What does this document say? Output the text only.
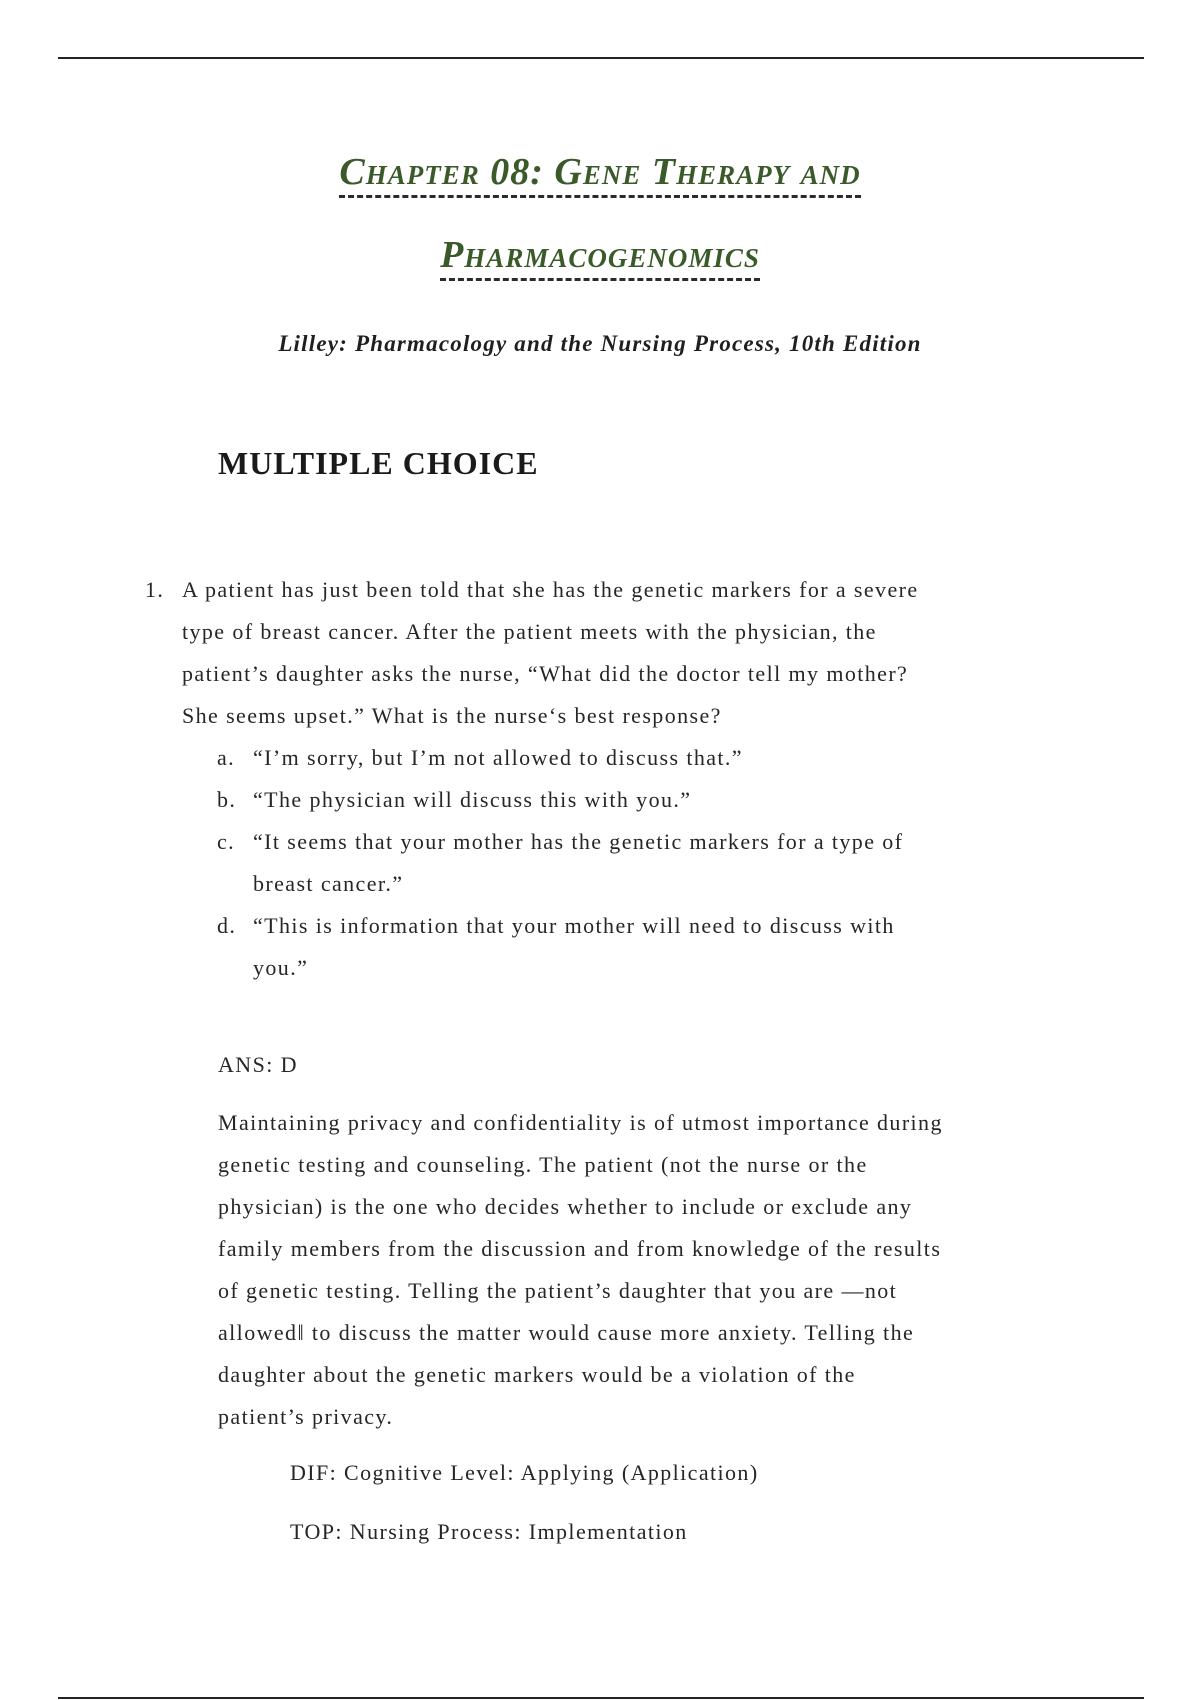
Chapter 08: Gene Therapy and
Pharmacogenomics
Lilley: Pharmacology and the Nursing Process, 10th Edition
MULTIPLE CHOICE
1. A patient has just been told that she has the genetic markers for a severe
type of breast cancer. After the patient meets with the physician, the
patient’s daughter asks the nurse, “What did the doctor tell my mother?
She seems upset.” What is the nurse‘s best response?
a. “I’m sorry, but I’m not allowed to discuss that.”
b. “The physician will discuss this with you.”
c. “It seems that your mother has the genetic markers for a type of
breast cancer.”
d. “This is information that your mother will need to discuss with
you.”
ANS: D
Maintaining privacy and confidentiality is of utmost importance during
genetic testing and counseling. The patient (not the nurse or the
physician) is the one who decides whether to include or exclude any
family members from the discussion and from knowledge of the results
of genetic testing. Telling the patient’s daughter that you are ―not
allowed‖ to discuss the matter would cause more anxiety. Telling the
daughter about the genetic markers would be a violation of the
patient’s privacy.
DIF: Cognitive Level: Applying (Application)
TOP: Nursing Process: Implementation
